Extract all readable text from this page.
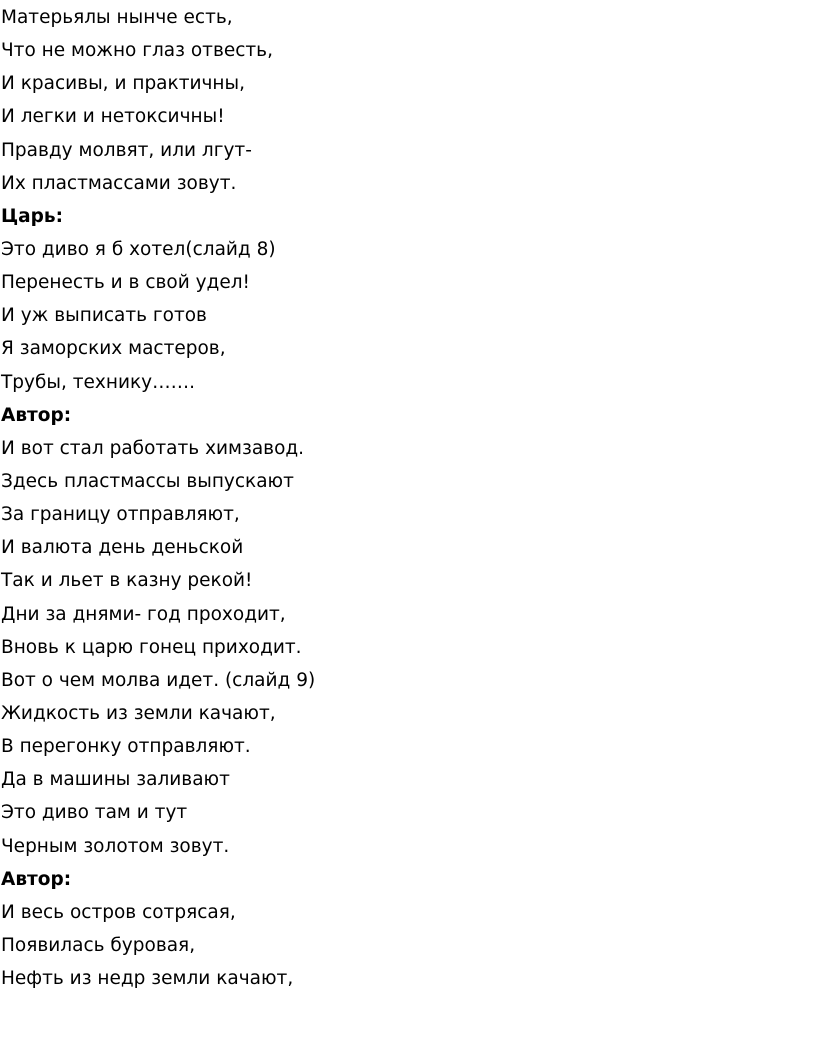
Матерьялы нынче есть,
Что не можно глаз отвесть,
И красивы, и практичны,
И легки и нетоксичны!
Правду молвят, или лгут-
Их пластмассами зовут.
Царь:
Это диво я б хотел(слайд 8)
Перенесть и в свой удел!
И уж выписать готов
Я заморских мастеров,
Трубы, технику…….
Автор:
И вот стал работать химзавод.
Здесь пластмассы выпускают
За границу отправляют,
И валюта день деньской
Так и льет в казну рекой!
Дни за днями- год проходит,
Вновь к царю гонец приходит.
Вот о чем молва идет. (слайд 9)
Жидкость из земли качают,
В перегонку отправляют.
Да в машины заливают
Это диво там и тут
Черным золотом зовут.
Автор:
И весь остров сотрясая,
Появилась буровая,
Нефть из недр земли качают,
